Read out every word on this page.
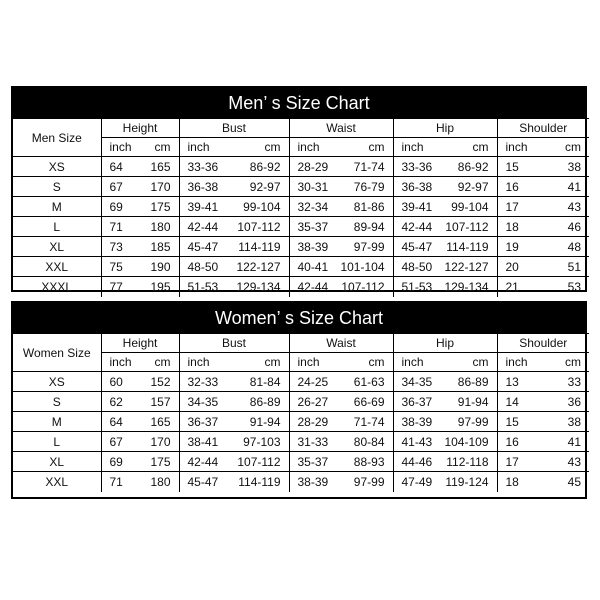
Men’ s Size Chart
Men Size	Height	Bust	Waist	Hip	Shoulder

	inch cm	inch cm	inch cm	inch cm	inch cm

XS	64 165	33-36 86-92	28-29 71-74	33-36 86-92	15 38

S	67 170	36-38 92-97	30-31 76-79	36-38 92-97	16 41

M	69 175	39-41 99-104	32-34 81-86	39-41 99-104	17 43

L	71 180	42-44 107-112	35-37 89-94	42-44 107-112	18 46

XL	73 185	45-47 114-119	38-39 97-99	45-47 114-119	19 48

XXL	75 190	48-50 122-127	40-41 101-104	48-50 122-127	20 51

XXXL	77 195	51-53 129-134	42-44 107-112	51-53 129-134	21 53
Women’ s Size Chart
Women Size	Height	Bust	Waist	Hip	Shoulder

	inch cm	inch cm	inch cm	inch cm	inch cm

XS	60 152	32-33 81-84	24-25 61-63	34-35 86-89	13 33

S	62 157	34-35 86-89	26-27 66-69	36-37 91-94	14 36

M	64 165	36-37 91-94	28-29 71-74	38-39 97-99	15 38

L	67 170	38-41 97-103	31-33 80-84	41-43 104-109	16 41

XL	69 175	42-44 107-112	35-37 88-93	44-46 112-118	17 43

XXL	71 180	45-47 114-119	38-39 97-99	47-49 119-124	18 45
